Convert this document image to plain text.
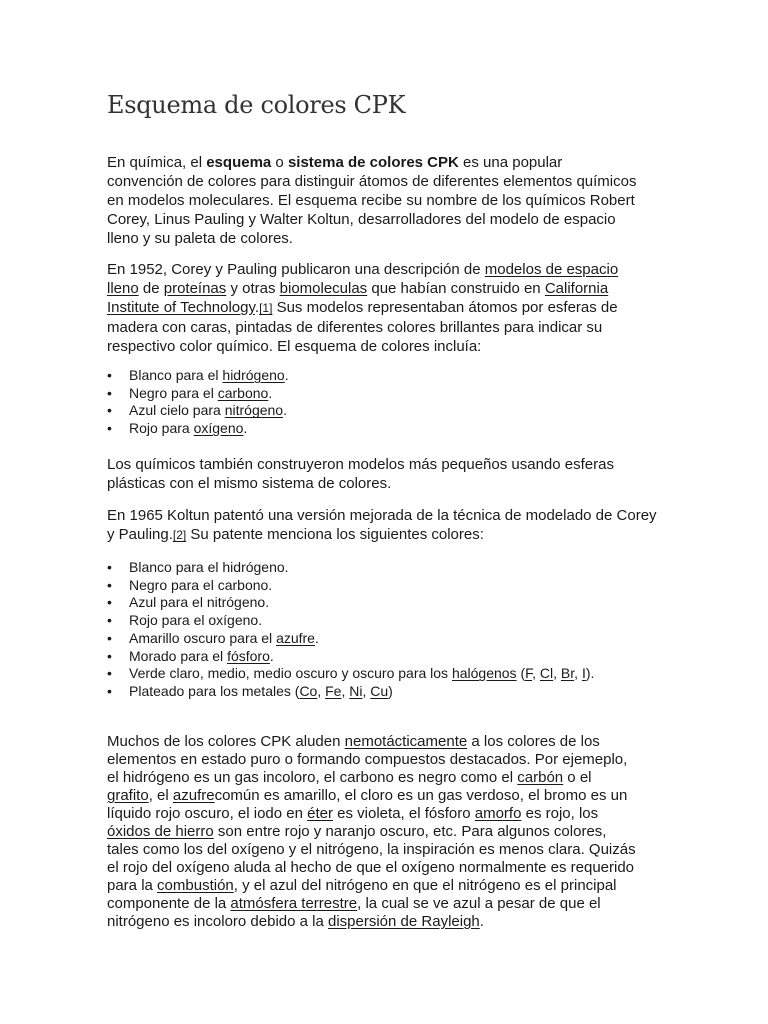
Esquema de colores CPK

En química, el esquema o sistema de colores CPK es una popular convención de colores para distinguir átomos de diferentes elementos químicos en modelos moleculares. El esquema recibe su nombre de los químicos Robert Corey, Linus Pauling y Walter Koltun, desarrolladores del modelo de espacio lleno y su paleta de colores.

En 1952, Corey y Pauling publicaron una descripción de modelos de espacio lleno de proteínas y otras biomoleculas que habían construido en California Institute of Technology.[1] Sus modelos representaban átomos por esferas de madera con caras, pintadas de diferentes colores brillantes para indicar su respectivo color químico. El esquema de colores incluía:

• Blanco para el hidrógeno.
• Negro para el carbono.
• Azul cielo para nitrógeno.
• Rojo para oxígeno.

Los químicos también construyeron modelos más pequeños usando esferas plásticas con el mismo sistema de colores.

En 1965 Koltun patentó una versión mejorada de la técnica de modelado de Corey y Pauling.[2] Su patente menciona los siguientes colores:

• Blanco para el hidrógeno.
• Negro para el carbono.
• Azul para el nitrógeno.
• Rojo para el oxígeno.
• Amarillo oscuro para el azufre.
• Morado para el fósforo.
• Verde claro, medio, medio oscuro y oscuro para los halógenos (F, Cl, Br, I).
• Plateado para los metales (Co, Fe, Ni, Cu)

Muchos de los colores CPK aluden nemotácticamente a los colores de los elementos en estado puro o formando compuestos destacados. Por ejemeplo, el hidrógeno es un gas incoloro, el carbono es negro como el carbón o el grafito, el azufrecomún es amarillo, el cloro es un gas verdoso, el bromo es un líquido rojo oscuro, el iodo en éter es violeta, el fósforo amorfo es rojo, los óxidos de hierro son entre rojo y naranjo oscuro, etc. Para algunos colores, tales como los del oxígeno y el nitrógeno, la inspiración es menos clara. Quizás el rojo del oxígeno aluda al hecho de que el oxígeno normalmente es requerido para la combustión, y el azul del nitrógeno en que el nitrógeno es el principal componente de la atmósfera terrestre, la cual se ve azul a pesar de que el nitrógeno es incoloro debido a la dispersión de Rayleigh.
